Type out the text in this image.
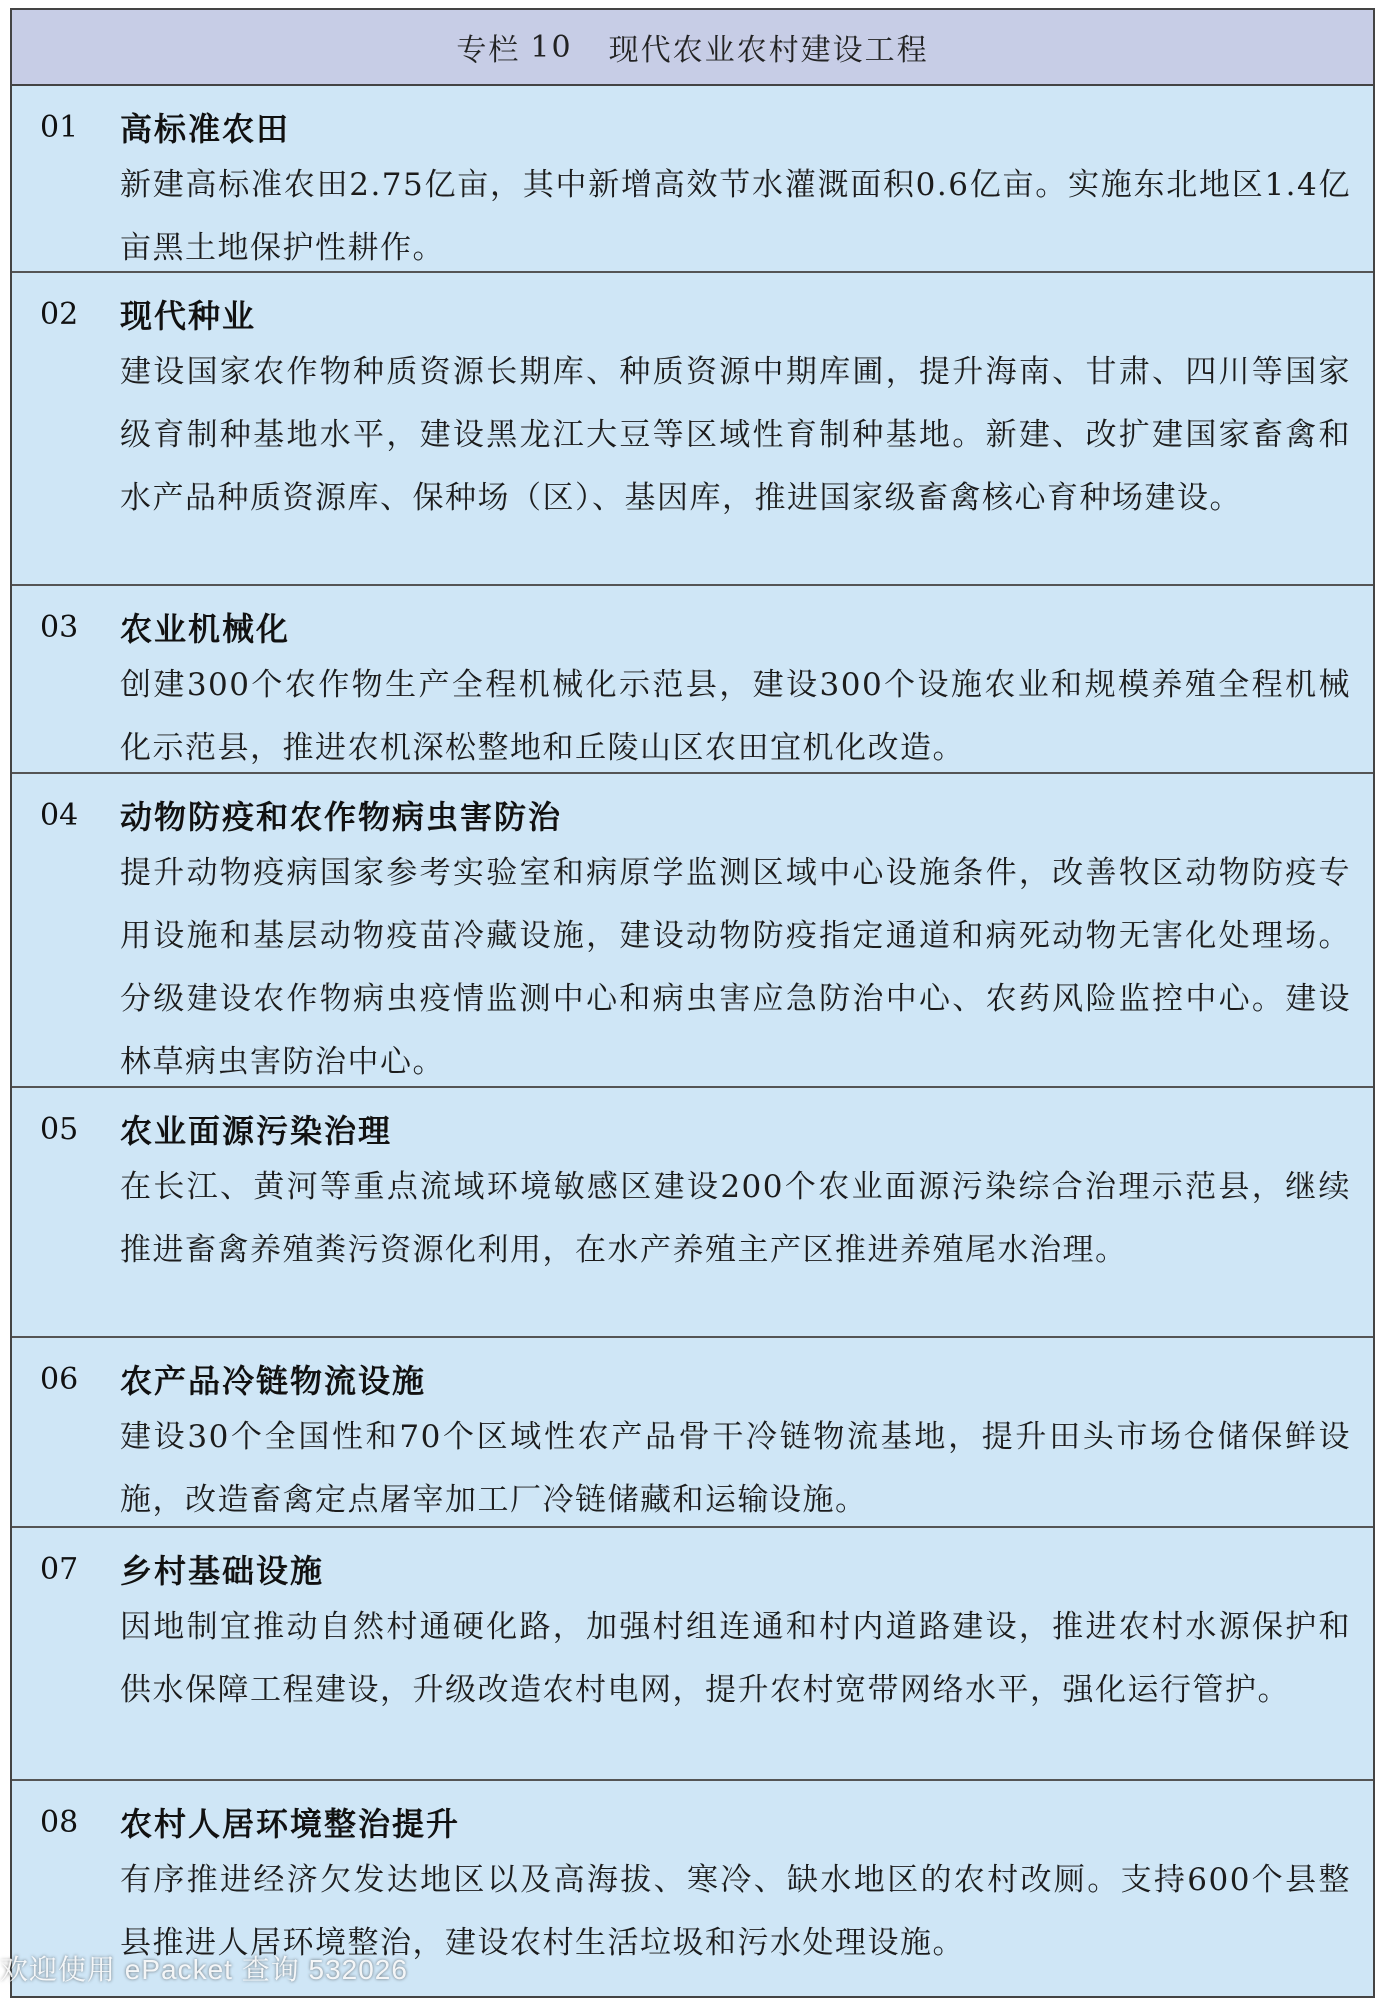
专栏 10 现代农业农村建设工程
01	高标准农田
新建高标准农田2.75亿亩，其中新增高效节水灌溉面积0.6亿亩。实施东北地区1.4亿亩黑土地保护性耕作。
02	现代种业
建设国家农作物种质资源长期库、种质资源中期库圃，提升海南、甘肃、四川等国家级育制种基地水平，建设黑龙江大豆等区域性育制种基地。新建、改扩建国家畜禽和水产品种质资源库、保种场（区）、基因库，推进国家级畜禽核心育种场建设。
03	农业机械化
创建300个农作物生产全程机械化示范县，建设300个设施农业和规模养殖全程机械化示范县，推进农机深松整地和丘陵山区农田宜机化改造。
04	动物防疫和农作物病虫害防治
提升动物疫病国家参考实验室和病原学监测区域中心设施条件，改善牧区动物防疫专用设施和基层动物疫苗冷藏设施，建设动物防疫指定通道和病死动物无害化处理场。分级建设农作物病虫疫情监测中心和病虫害应急防治中心、农药风险监控中心。建设林草病虫害防治中心。
05	农业面源污染治理
在长江、黄河等重点流域环境敏感区建设200个农业面源污染综合治理示范县，继续推进畜禽养殖粪污资源化利用，在水产养殖主产区推进养殖尾水治理。
06	农产品冷链物流设施
建设30个全国性和70个区域性农产品骨干冷链物流基地，提升田头市场仓储保鲜设施，改造畜禽定点屠宰加工厂冷链储藏和运输设施。
07	乡村基础设施
因地制宜推动自然村通硬化路，加强村组连通和村内道路建设，推进农村水源保护和供水保障工程建设，升级改造农村电网，提升农村宽带网络水平，强化运行管护。
08	农村人居环境整治提升
有序推进经济欠发达地区以及高海拔、寒冷、缺水地区的农村改厕。支持600个县整县推进人居环境整治，建设农村生活垃圾和污水处理设施。
欢迎使用 ePacket 查询 532026
